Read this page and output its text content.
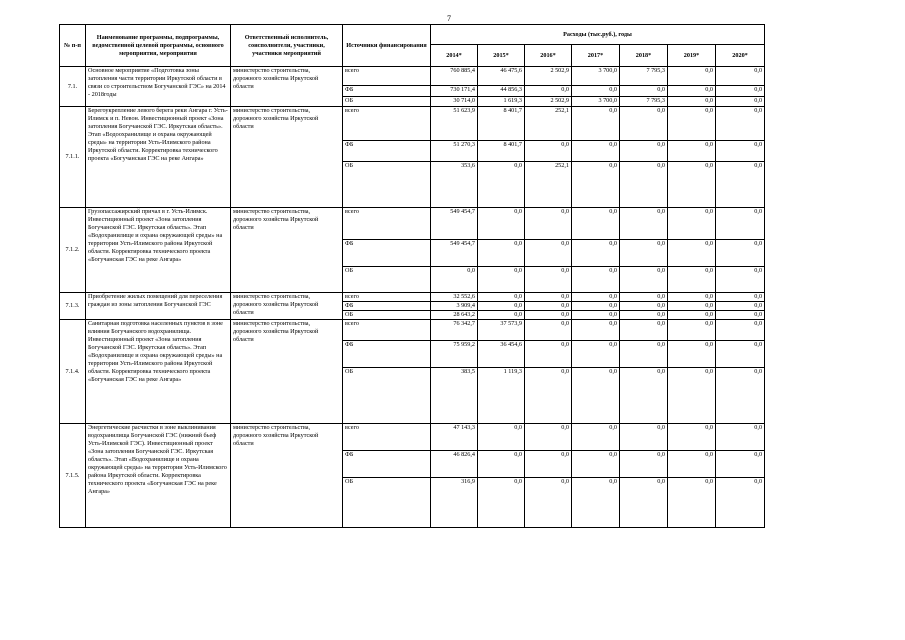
7
№ п-п	Наименование программы, подпрограммы, ведомственной целевой программы, основного мероприятия, мероприятия	Ответственный исполнитель, соисполнители, участники, участники мероприятий	Источники финансирования	Расходы (тыс.руб.), годы						
				2014*	2015*	2016*	2017*	2018*	2019*	2020*
7.1.	Основное мероприятие «Подготовка зоны затопления части территории Иркутской области в связи со строительством Богучанской ГЭС» на 2014 - 2018годы	министерство строительства, дорожного хозяйства Иркутской области	всего	760 885,4	46 475,6	2 502,9	3 700,0	7 795,3	0,0	0,0
			ФБ	730 171,4	44 856,3	0,0	0,0	0,0	0,0	0,0
			ОБ	30 714,0	1 619,3	2 502,9	3 700,0	7 795,3	0,0	0,0
7.1.1.	Берегоукрепление левого берега реки Ангара г. Усть-Илимск и п. Невон. Инвестиционный проект «Зона затопления Богучанской ГЭС. Иркутская область». Этап «Водоохранилище и охрана окружающей среды» на территории Усть-Илимского района Иркутской области. Корректировка технического проекта «Богучанская ГЭС на реке Ангара»	министерство строительства, дорожного хозяйства Иркутской области	всего	51 623,9	8 401,7	252,1	0,0	0,0	0,0	0,0
			ФБ	51 270,3	8 401,7	0,0	0,0	0,0	0,0	0,0
			ОБ	353,6	0,0	252,1	0,0	0,0	0,0	0,0
7.1.2.	Грузопассажирский причал в г. Усть-Илимск. Инвестиционный проект «Зона затопления Богучанской ГЭС. Иркутская область». Этап «Водохранилище и охрана окружающей среды» на территории Усть-Илимского района Иркутской области. Корректировка технического проекта «Богучанская ГЭС на реке Ангара»	министерство строительства, дорожного хозяйства Иркутской области	всего	549 454,7	0,0	0,0	0,0	0,0	0,0	0,0
			ФБ	549 454,7	0,0	0,0	0,0	0,0	0,0	0,0
			ОБ	0,0	0,0	0,0	0,0	0,0	0,0	0,0
7.1.3.	Приобретение жилых помещений для переселения граждан из зоны затопления Богучанской ГЭС	министерство строительства, дорожного хозяйства Иркутской области	всего	32 552,6	0,0	0,0	0,0	0,0	0,0	0,0
			ФБ	3 909,4	0,0	0,0	0,0	0,0	0,0	0,0
			ОБ	28 643,2	0,0	0,0	0,0	0,0	0,0	0,0
7.1.4.	Санитарная подготовка населенных пунктов в зоне влияния Богучанского водохранилища. Инвестиционный проект «Зона затопления Богучанской ГЭС. Иркутская область». Этап «Водохранилище и охрана окружающей среды» на территории Усть-Илимского района Иркутской области. Корректировка технического проекта «Богучанская ГЭС на реке Ангара»	министерство строительства, дорожного хозяйства Иркутской области	всего	76 342,7	37 573,9	0,0	0,0	0,0	0,0	0,0
			ФБ	75 959,2	36 454,6	0,0	0,0	0,0	0,0	0,0
			ОБ	383,5	1 119,3	0,0	0,0	0,0	0,0	0,0
7.1.5.	Энергетические расчистки в зоне выклинивания водохранилища Богучанской ГЭС (нижний бьеф Усть-Илимской ГЭС). Инвестиционный проект «Зона затопления Богучанской ГЭС. Иркутская область». Этап «Водохранилище и охрана окружающей среды» на территории Усть-Илимского района Иркутской области. Корректировка технического проекта «Богучанская ГЭС на реке Ангара»	министерство строительства, дорожного хозяйства Иркутской области	всего	47 143,3	0,0	0,0	0,0	0,0	0,0	0,0
			ФБ	46 826,4	0,0	0,0	0,0	0,0	0,0	0,0
			ОБ	316,9	0,0	0,0	0,0	0,0	0,0	0,0
